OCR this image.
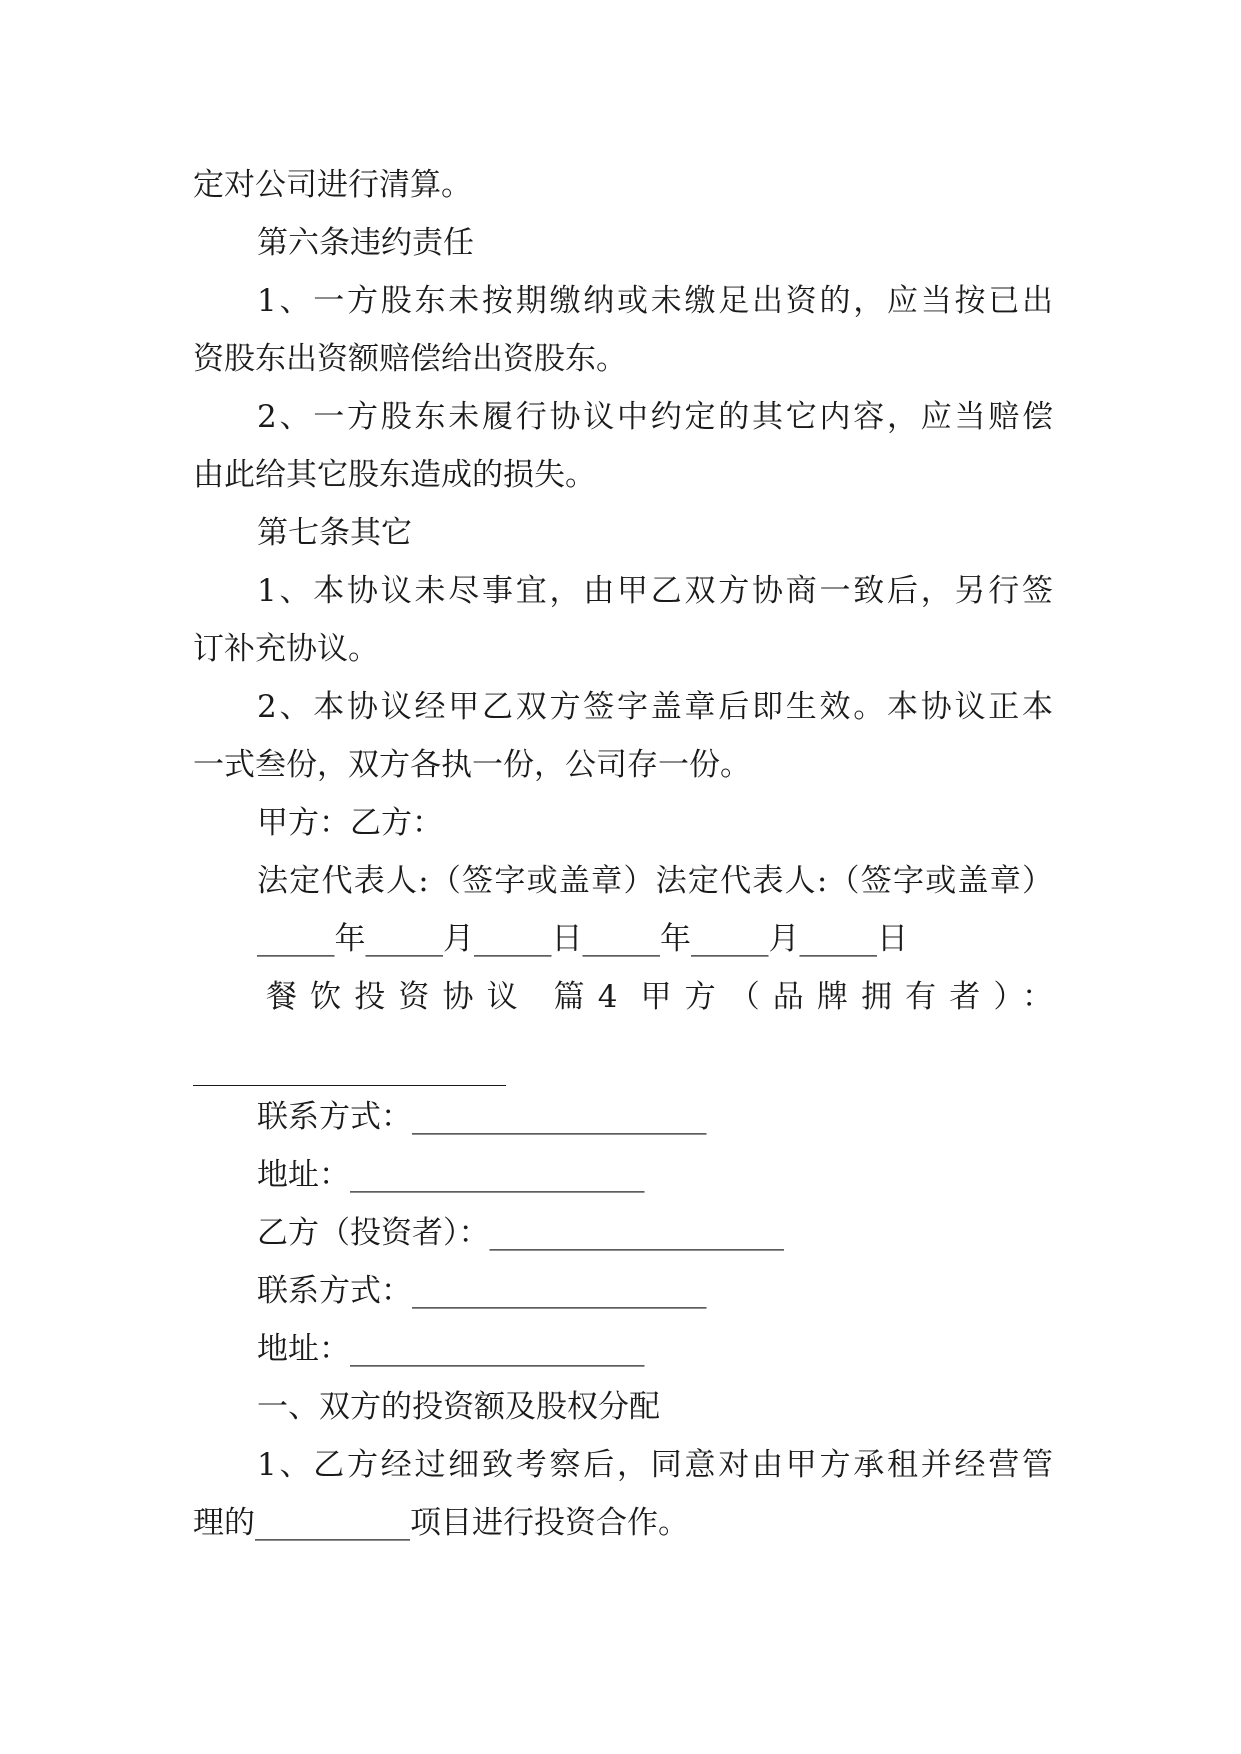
定对公司进行清算。
第六条违约责任
1、一方股东未按期缴纳或未缴足出资的，应当按已出
资股东出资额赔偿给出资股东。
2、一方股东未履行协议中约定的其它内容，应当赔偿
由此给其它股东造成的损失。
第七条其它
1、本协议未尽事宜，由甲乙双方协商一致后，另行签
订补充协议。
2、本协议经甲乙双方签字盖章后即生效。本协议正本
一式叁份，双方各执一份，公司存一份。
甲方：乙方：
法定代表人:（签字或盖章）法定代表人:（签字或盖章）
_____年_____月_____日_____年_____月_____日
餐饮投资协议 篇4 甲方（品牌拥有者）：
联系方式：___________________
地址：___________________
乙方（投资者）：___________________
联系方式：___________________
地址：___________________
一、双方的投资额及股权分配
1、乙方经过细致考察后，同意对由甲方承租并经营管
理的__________项目进行投资合作。
